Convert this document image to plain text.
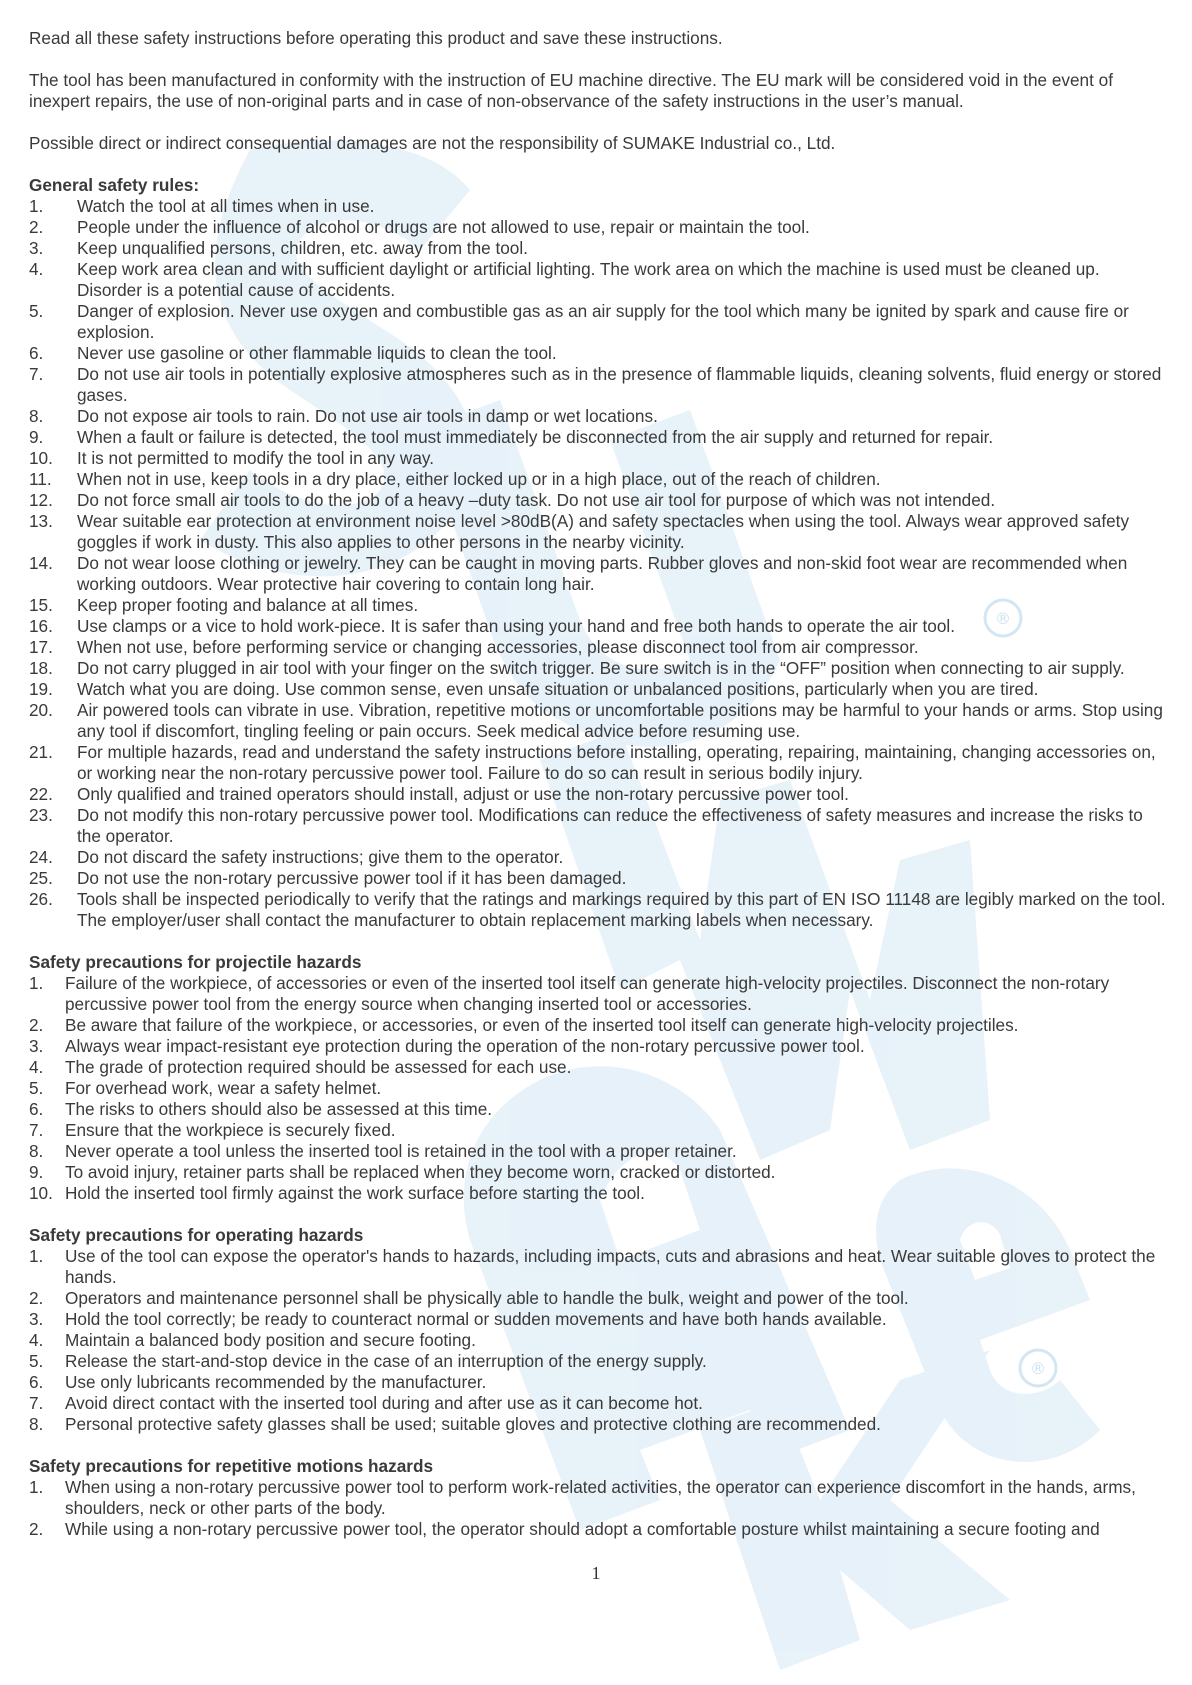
®
®

Read all these safety instructions before operating this product and save these instructions.

The tool has been manufactured in conformity with the instruction of EU machine directive. The EU mark will be considered void in the event of inexpert repairs, the use of non-original parts and in case of non-observance of the safety instructions in the user’s manual.

Possible direct or indirect consequential damages are not the responsibility of SUMAKE Industrial co., Ltd.

General safety rules:
1. Watch the tool at all times when in use.
2. People under the influence of alcohol or drugs are not allowed to use, repair or maintain the tool.
3. Keep unqualified persons, children, etc. away from the tool.
4. Keep work area clean and with sufficient daylight or artificial lighting. The work area on which the machine is used must be cleaned up. Disorder is a potential cause of accidents.
5. Danger of explosion. Never use oxygen and combustible gas as an air supply for the tool which many be ignited by spark and cause fire or explosion.
6. Never use gasoline or other flammable liquids to clean the tool.
7. Do not use air tools in potentially explosive atmospheres such as in the presence of flammable liquids, cleaning solvents, fluid energy or stored gases.
8. Do not expose air tools to rain. Do not use air tools in damp or wet locations.
9. When a fault or failure is detected, the tool must immediately be disconnected from the air supply and returned for repair.
10. It is not permitted to modify the tool in any way.
11. When not in use, keep tools in a dry place, either locked up or in a high place, out of the reach of children.
12. Do not force small air tools to do the job of a heavy –duty task. Do not use air tool for purpose of which was not intended.
13. Wear suitable ear protection at environment noise level >80dB(A) and safety spectacles when using the tool. Always wear approved safety goggles if work in dusty. This also applies to other persons in the nearby vicinity.
14. Do not wear loose clothing or jewelry. They can be caught in moving parts. Rubber gloves and non-skid foot wear are recommended when working outdoors. Wear protective hair covering to contain long hair.
15. Keep proper footing and balance at all times.
16. Use clamps or a vice to hold work-piece. It is safer than using your hand and free both hands to operate the air tool.
17. When not use, before performing service or changing accessories, please disconnect tool from air compressor.
18. Do not carry plugged in air tool with your finger on the switch trigger. Be sure switch is in the “OFF” position when connecting to air supply.
19. Watch what you are doing. Use common sense, even unsafe situation or unbalanced positions, particularly when you are tired.
20. Air powered tools can vibrate in use. Vibration, repetitive motions or uncomfortable positions may be harmful to your hands or arms. Stop using any tool if discomfort, tingling feeling or pain occurs. Seek medical advice before resuming use.
21. For multiple hazards, read and understand the safety instructions before installing, operating, repairing, maintaining, changing accessories on, or working near the non-rotary percussive power tool. Failure to do so can result in serious bodily injury.
22. Only qualified and trained operators should install, adjust or use the non-rotary percussive power tool.
23. Do not modify this non-rotary percussive power tool. Modifications can reduce the effectiveness of safety measures and increase the risks to the operator.
24. Do not discard the safety instructions; give them to the operator.
25. Do not use the non-rotary percussive power tool if it has been damaged.
26. Tools shall be inspected periodically to verify that the ratings and markings required by this part of EN ISO 11148 are legibly marked on the tool. The employer/user shall contact the manufacturer to obtain replacement marking labels when necessary.
Safety precautions for projectile hazards
1. Failure of the workpiece, of accessories or even of the inserted tool itself can generate high-velocity projectiles. Disconnect the non-rotary percussive power tool from the energy source when changing inserted tool or accessories.
2. Be aware that failure of the workpiece, or accessories, or even of the inserted tool itself can generate high-velocity projectiles.
3. Always wear impact-resistant eye protection during the operation of the non-rotary percussive power tool.
4. The grade of protection required should be assessed for each use.
5. For overhead work, wear a safety helmet.
6. The risks to others should also be assessed at this time.
7. Ensure that the workpiece is securely fixed.
8. Never operate a tool unless the inserted tool is retained in the tool with a proper retainer.
9. To avoid injury, retainer parts shall be replaced when they become worn, cracked or distorted.
10. Hold the inserted tool firmly against the work surface before starting the tool.
Safety precautions for operating hazards
1. Use of the tool can expose the operator's hands to hazards, including impacts, cuts and abrasions and heat. Wear suitable gloves to protect the hands.
2. Operators and maintenance personnel shall be physically able to handle the bulk, weight and power of the tool.
3. Hold the tool correctly; be ready to counteract normal or sudden movements and have both hands available.
4. Maintain a balanced body position and secure footing.
5. Release the start-and-stop device in the case of an interruption of the energy supply.
6. Use only lubricants recommended by the manufacturer.
7. Avoid direct contact with the inserted tool during and after use as it can become hot.
8. Personal protective safety glasses shall be used; suitable gloves and protective clothing are recommended.
Safety precautions for repetitive motions hazards
1. When using a non-rotary percussive power tool to perform work-related activities, the operator can experience discomfort in the hands, arms, shoulders, neck or other parts of the body.
2. While using a non-rotary percussive power tool, the operator should adopt a comfortable posture whilst maintaining a secure footing and
1
